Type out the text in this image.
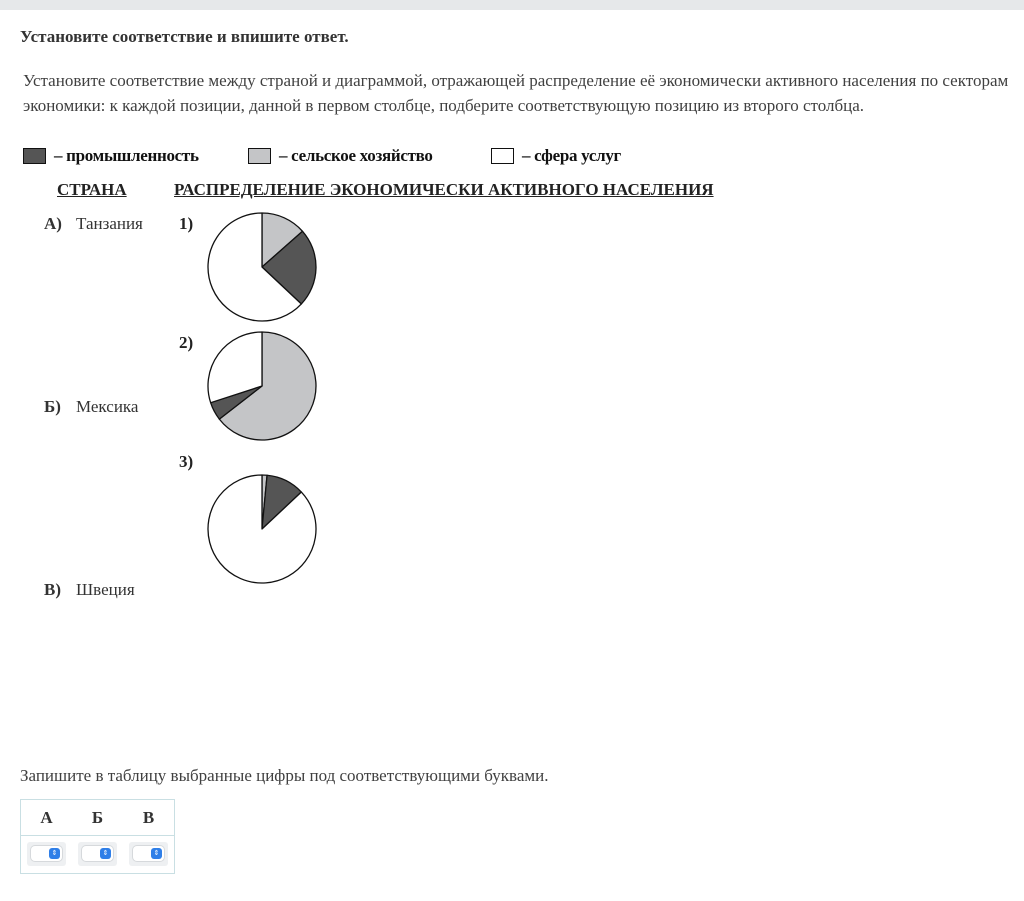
Установите соответствие и впишите ответ.
Установите соответствие между страной и диаграммой, отражающей распределение её экономически активного населения по секторам экономики: к каждой позиции, данной в первом столбце, подберите соответствующую позицию из второго столбца.
– промышленность	– сельское хозяйство	– сфера услуг
СТРАНА	РАСПРЕДЕЛЕНИЕ ЭКОНОМИЧЕСКИ АКТИВНОГО НАСЕЛЕНИЯ
А) Танзания
Б) Мексика
В) Швеция
1)
2)
3)
Запишите в таблицу выбранные цифры под соответствующими буквами.
А	Б	В
⇕	⇕	⇕
